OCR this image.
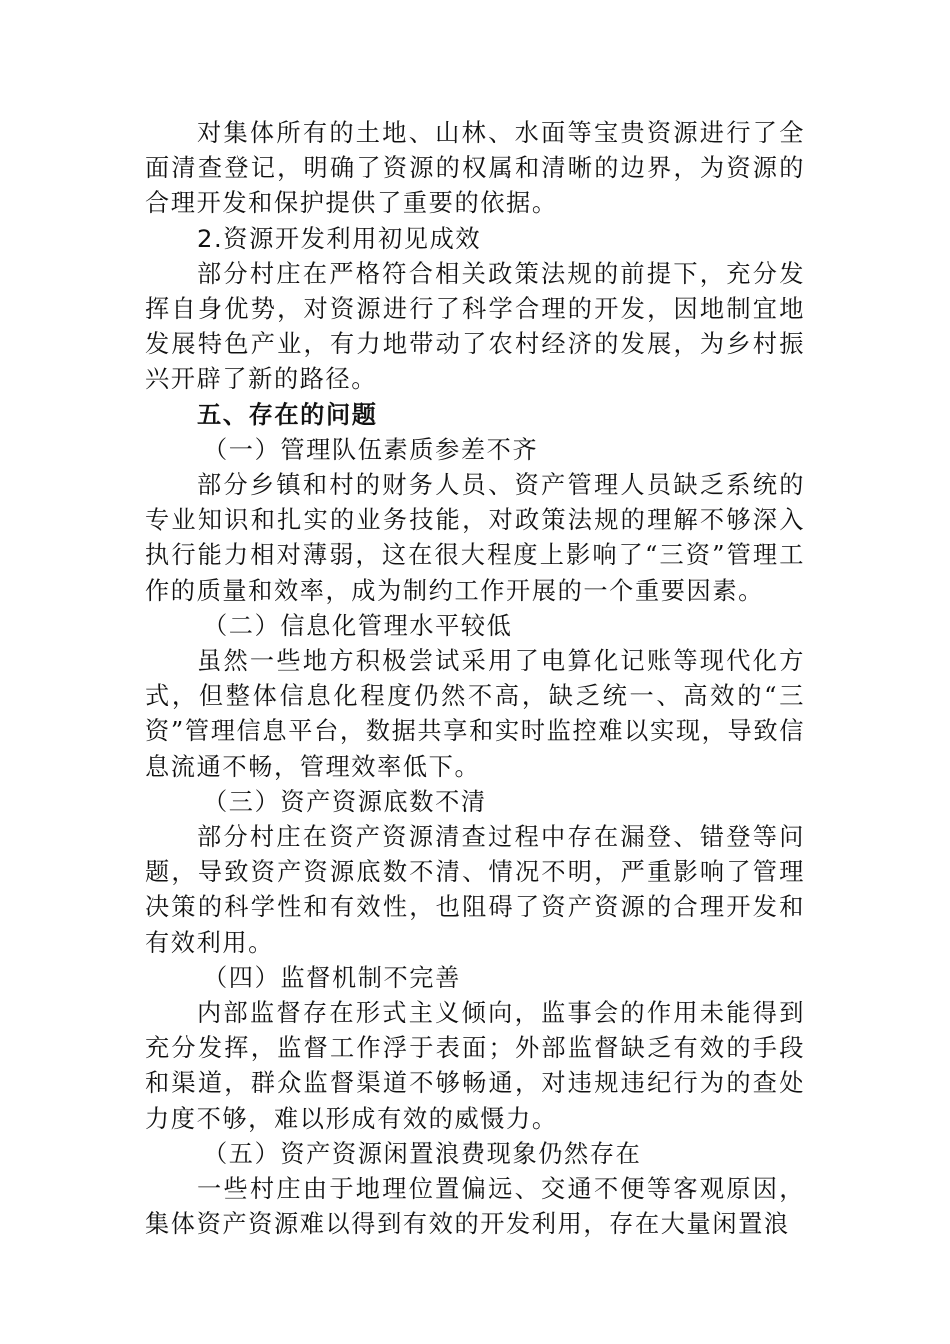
对集体所有的土地、山林、水面等宝贵资源进行了全面清查登记，明确了资源的权属和清晰的边界，为资源的合理开发和保护提供了重要的依据。

2.资源开发利用初见成效

部分村庄在严格符合相关政策法规的前提下，充分发挥自身优势，对资源进行了科学合理的开发，因地制宜地发展特色产业，有力地带动了农村经济的发展，为乡村振兴开辟了新的路径。

五、存在的问题

（一）管理队伍素质参差不齐

部分乡镇和村的财务人员、资产管理人员缺乏系统的专业知识和扎实的业务技能，对政策法规的理解不够深入执行能力相对薄弱，这在很大程度上影响了“三资”管理工作的质量和效率，成为制约工作开展的一个重要因素。

（二）信息化管理水平较低

虽然一些地方积极尝试采用了电算化记账等现代化方式，但整体信息化程度仍然不高，缺乏统一、高效的“三资”管理信息平台，数据共享和实时监控难以实现，导致信息流通不畅，管理效率低下。

（三）资产资源底数不清

部分村庄在资产资源清查过程中存在漏登、错登等问题，导致资产资源底数不清、情况不明，严重影响了管理决策的科学性和有效性，也阻碍了资产资源的合理开发和有效利用。

（四）监督机制不完善

内部监督存在形式主义倾向，监事会的作用未能得到充分发挥，监督工作浮于表面；外部监督缺乏有效的手段和渠道，群众监督渠道不够畅通，对违规违纪行为的查处力度不够，难以形成有效的威慑力。

（五）资产资源闲置浪费现象仍然存在

一些村庄由于地理位置偏远、交通不便等客观原因，集体资产资源难以得到有效的开发利用，存在大量闲置浪
